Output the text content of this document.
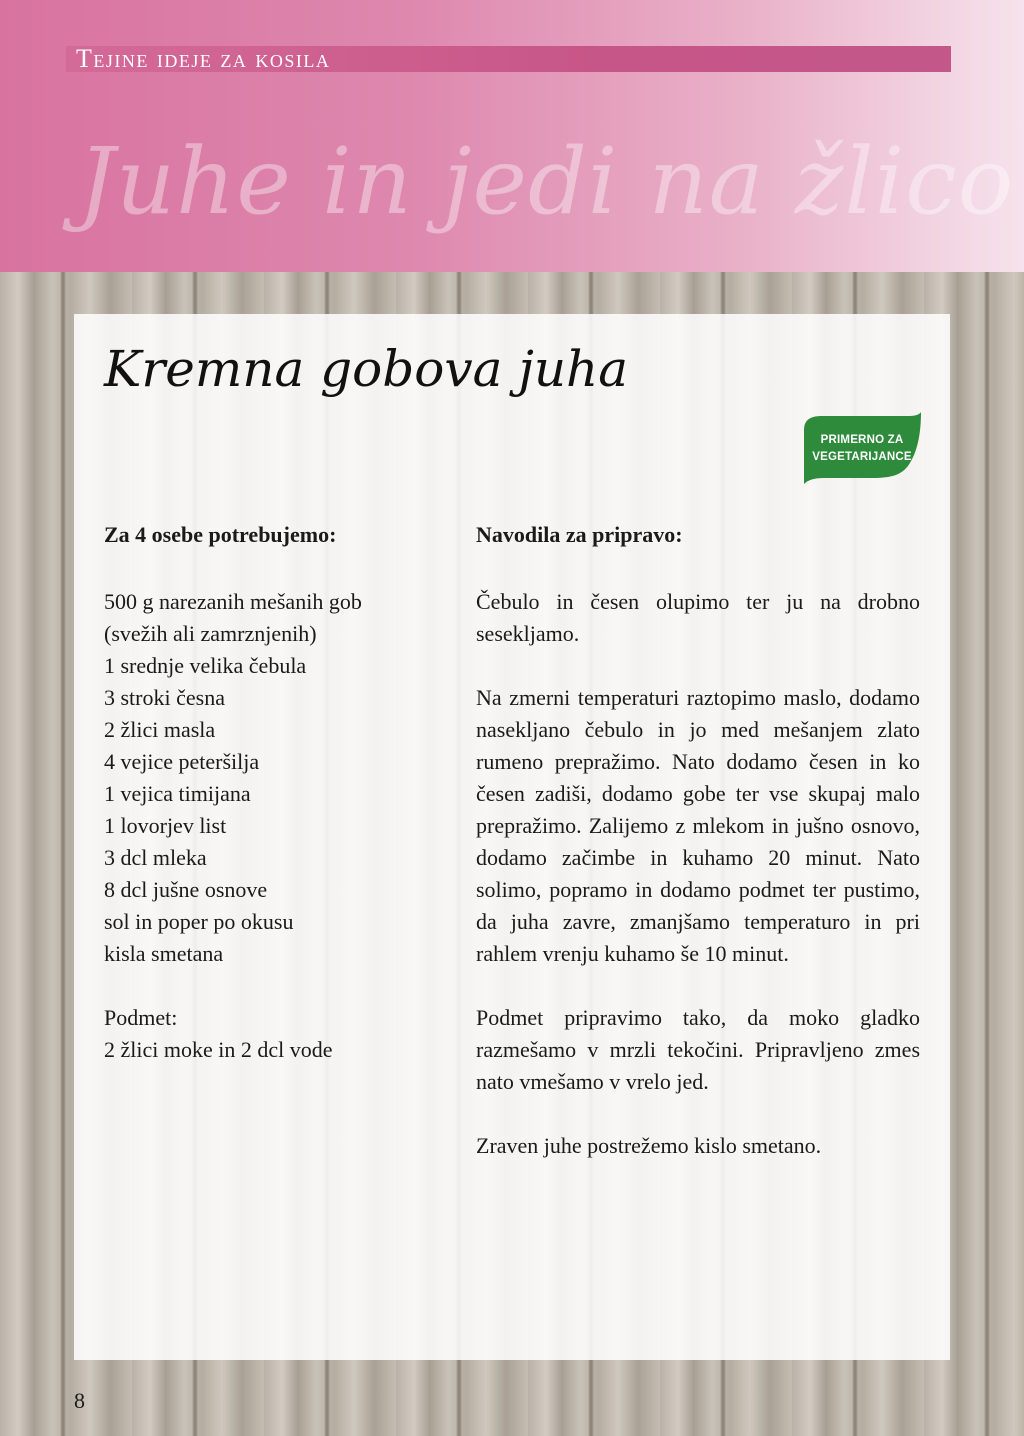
Tejine ideje za kosila
Juhe in jedi na žlico
Kremna gobova juha
PRIMERNO ZA
VEGETARIJANCE
Za 4 osebe potrebujemo:	Navodila za pripravo:
500 g narezanih mešanih gob
(svežih ali zamrznjenih)
1 srednje velika čebula
3 stroki česna
2 žlici masla
4 vejice peteršilja
1 vejica timijana
1 lovorjev list
3 dcl mleka
8 dcl jušne osnove
sol in poper po okusu
kisla smetana
Podmet:
2 žlici moke in 2 dcl vode

Čebulo in česen olupimo ter ju na drobno sesekljamo.

Na zmerni temperaturi raztopimo maslo, dodamo nasekljano čebulo in jo med mešanjem zlato rumeno prepražimo. Nato dodamo česen in ko česen zadiši, dodamo gobe ter vse skupaj malo prepražimo. Zalijemo z mlekom in jušno osnovo, dodamo začimbe in kuhamo 20 minut. Nato solimo, popramo in dodamo podmet ter pustimo, da juha zavre, zmanjšamo temperaturo in pri rahlem vrenju kuhamo še 10 minut.

Podmet pripravimo tako, da moko gladko razmešamo v mrzli tekočini. Pripravljeno zmes nato vmešamo v vrelo jed.

Zraven juhe postrežemo kislo smetano.

8
